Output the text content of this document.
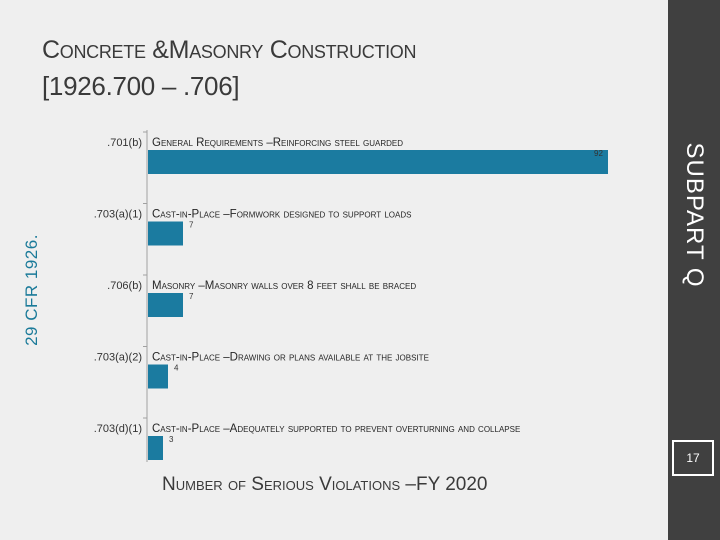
Concrete &Masonry Construction
[1926.700 – .706]
SUBPART Q
29 CFR 1926.
17
.701(b) General Requirements –Reinforcing steel guarded
92
.703(a)(1) Cast-in-Place –Formwork designed to support loads
7
.706(b) Masonry –Masonry walls over 8 feet shall be braced
7
.703(a)(2) Cast-in-Place –Drawing or plans available at the jobsite
4
.703(d)(1) Cast-in-Place –Adequately supported to prevent overturning and collapse
3
Number of Serious Violations –FY 2020
